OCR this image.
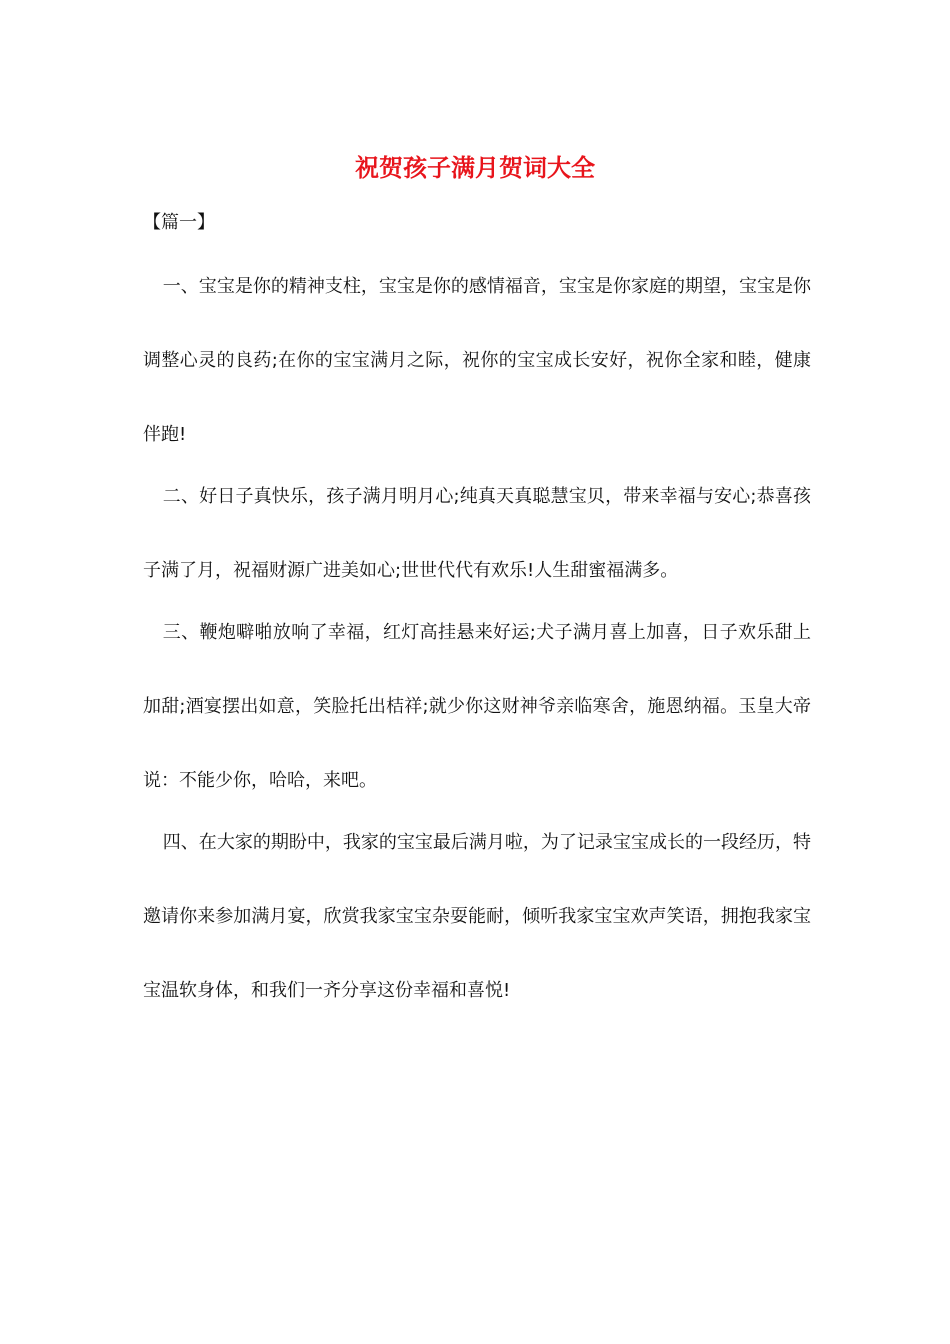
祝贺孩子满月贺词大全

【篇一】

一、宝宝是你的精神支柱，宝宝是你的感情福音，宝宝是你家庭的期望，宝宝是你调整心灵的良药;在你的宝宝满月之际，祝你的宝宝成长安好，祝你全家和睦，健康伴跑!

二、好日子真快乐，孩子满月明月心;纯真天真聪慧宝贝，带来幸福与安心;恭喜孩子满了月，祝福财源广进美如心;世世代代有欢乐!人生甜蜜福满多。

三、鞭炮噼啪放响了幸福，红灯高挂悬来好运;犬子满月喜上加喜，日子欢乐甜上加甜;酒宴摆出如意，笑脸托出桔祥;就少你这财神爷亲临寒舍，施恩纳福。玉皇大帝说：不能少你，哈哈，来吧。

四、在大家的期盼中，我家的宝宝最后满月啦，为了记录宝宝成长的一段经历，特邀请你来参加满月宴，欣赏我家宝宝杂耍能耐，倾听我家宝宝欢声笑语，拥抱我家宝宝温软身体，和我们一齐分享这份幸福和喜悦!
